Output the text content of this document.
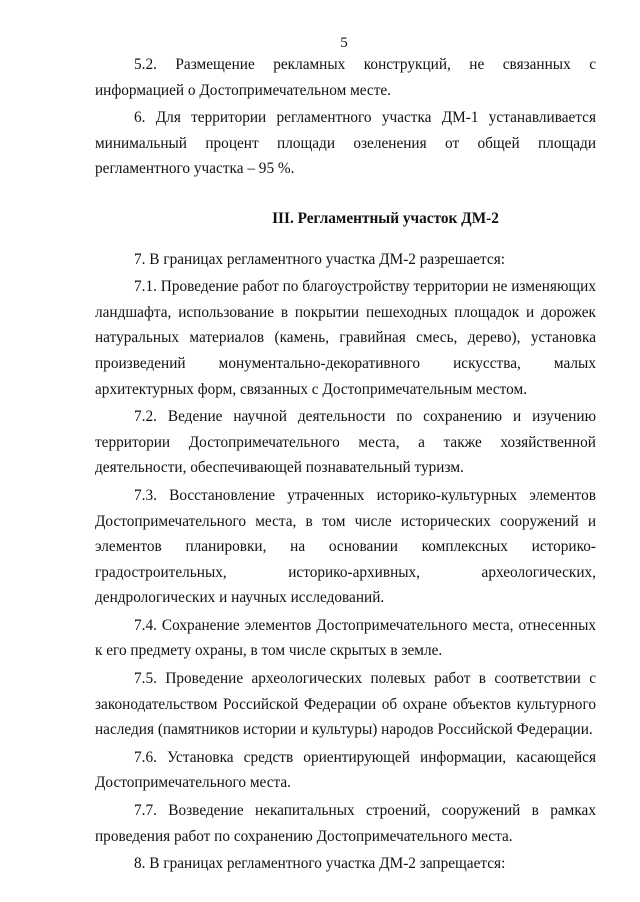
5

5.2. Размещение рекламных конструкций, не связанных с информацией о Достопримечательном месте.

6. Для территории регламентного участка ДМ-1 устанавливается минимальный процент площади озеленения от общей площади регламентного участка – 95 %.

III. Регламентный участок ДМ-2

7. В границах регламентного участка ДМ-2 разрешается:

7.1. Проведение работ по благоустройству территории не изменяющих ландшафта, использование в покрытии пешеходных площадок и дорожек натуральных материалов (камень, гравийная смесь, дерево), установка произведений монументально-декоративного искусства, малых архитектурных форм, связанных с Достопримечательным местом.

7.2. Ведение научной деятельности по сохранению и изучению территории Достопримечательного места, а также хозяйственной деятельности, обеспечивающей познавательный туризм.

7.3. Восстановление утраченных историко-культурных элементов Достопримечательного места, в том числе исторических сооружений и элементов планировки, на основании комплексных историко-градостроительных, историко-архивных, археологических, дендрологических и научных исследований.

7.4. Сохранение элементов Достопримечательного места, отнесенных к его предмету охраны, в том числе скрытых в земле.

7.5. Проведение археологических полевых работ в соответствии с законодательством Российской Федерации об охране объектов культурного наследия (памятников истории и культуры) народов Российской Федерации.

7.6. Установка средств ориентирующей информации, касающейся Достопримечательного места.

7.7. Возведение некапитальных строений, сооружений в рамках проведения работ по сохранению Достопримечательного места.

8. В границах регламентного участка ДМ-2 запрещается:
